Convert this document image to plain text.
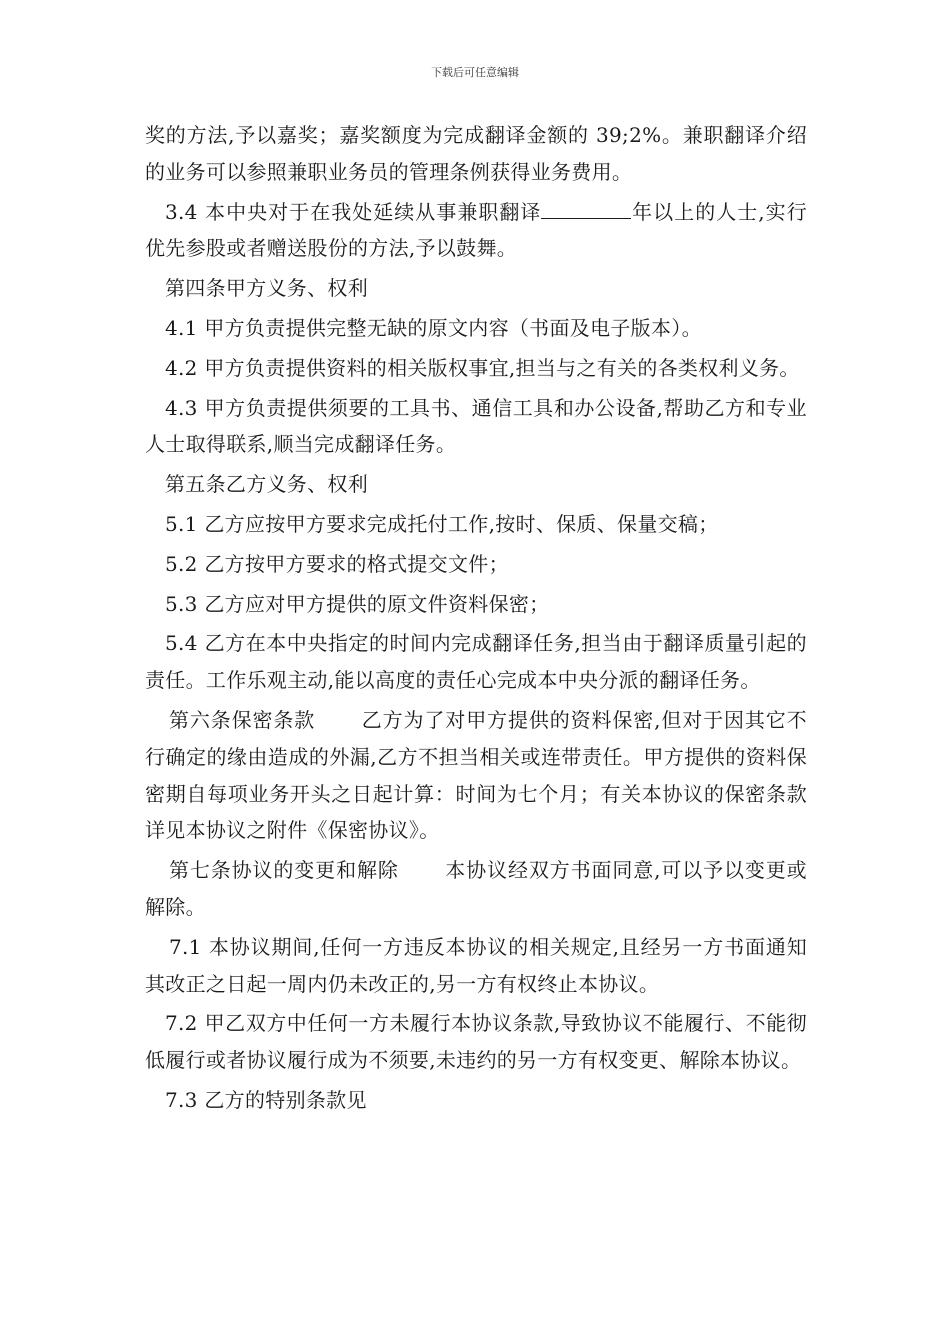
下载后可任意编辑

奖的方法,予以嘉奖；嘉奖额度为完成翻译金额的 39;2%。兼职翻译介绍的业务可以参照兼职业务员的管理条例获得业务费用。

3.4 本中央对于在我处延续从事兼职翻译	年以上的人士,实行优先参股或者赠送股份的方法,予以鼓舞。

第四条甲方义务、权利

4.1 甲方负责提供完整无缺的原文内容（书面及电子版本）。

4.2 甲方负责提供资料的相关版权事宜,担当与之有关的各类权利义务。

4.3 甲方负责提供须要的工具书、通信工具和办公设备,帮助乙方和专业人士取得联系,顺当完成翻译任务。

第五条乙方义务、权利

5.1 乙方应按甲方要求完成托付工作,按时、保质、保量交稿；

5.2 乙方按甲方要求的格式提交文件；

5.3 乙方应对甲方提供的原文件资料保密；

5.4 乙方在本中央指定的时间内完成翻译任务,担当由于翻译质量引起的责任。工作乐观主动,能以高度的责任心完成本中央分派的翻译任务。

第六条保密条款 乙方为了对甲方提供的资料保密,但对于因其它不行确定的缘由造成的外漏,乙方不担当相关或连带责任。甲方提供的资料保密期自每项业务开头之日起计算：时间为七个月；有关本协议的保密条款详见本协议之附件《保密协议》。

第七条协议的变更和解除 本协议经双方书面同意,可以予以变更或解除。

7.1 本协议期间,任何一方违反本协议的相关规定,且经另一方书面通知其改正之日起一周内仍未改正的,另一方有权终止本协议。

7.2 甲乙双方中任何一方未履行本协议条款,导致协议不能履行、不能彻低履行或者协议履行成为不须要,未违约的另一方有权变更、解除本协议。

7.3 乙方的特别条款见
